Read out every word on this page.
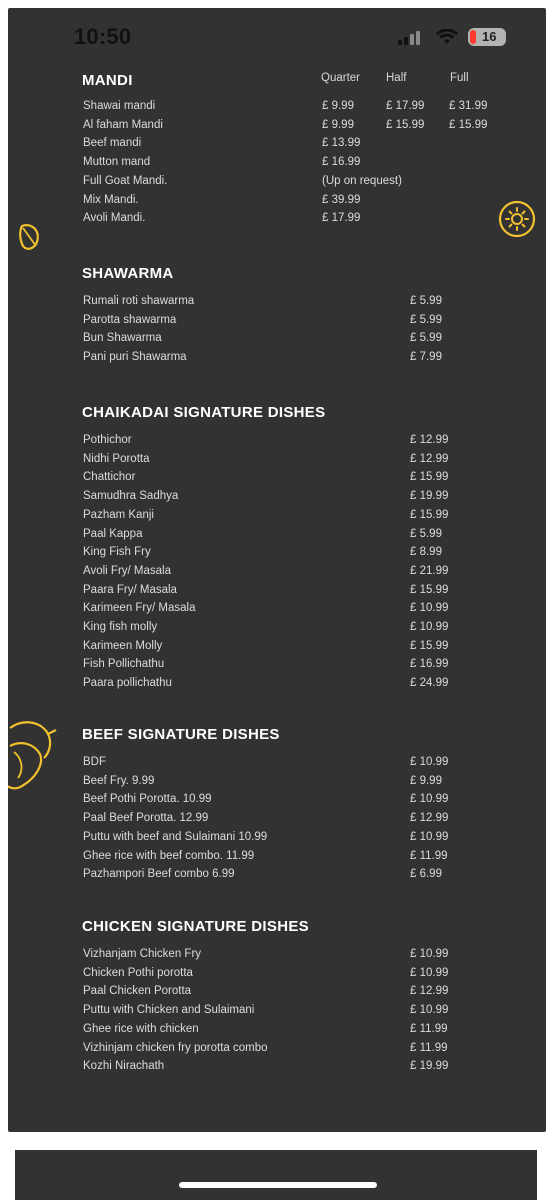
10:50	16
MANDI	Quarter Half	Full
Shawai mandi	£ 9.99	£ 17.99 £ 31.99
Al faham Mandi	£ 9.99	£ 15.99 £ 15.99
Beef mandi	£ 13.99
Mutton mand	£ 16.99
Full Goat Mandi.	(Up on request)
Mix Mandi.	£ 39.99
Avoli Mandi.	£ 17.99
SHAWARMA
Rumali roti shawarma	£ 5.99
Parotta shawarma	£ 5.99
Bun Shawarma	£ 5.99
Pani puri Shawarma	£ 7.99
CHAIKADAI SIGNATURE DISHES
Pothichor	£ 12.99
Nidhi Porotta	£ 12.99
Chattichor	£ 15.99
Samudhra Sadhya	£ 19.99
Pazham Kanji	£ 15.99
Paal Kappa	£ 5.99
King Fish Fry	£ 8.99
Avoli Fry/ Masala	£ 21.99
Paara Fry/ Masala	£ 15.99
Karimeen Fry/ Masala	£ 10.99
King fish molly	£ 10.99
Karimeen Molly	£ 15.99
Fish Pollichathu	£ 16.99
Paara pollichathu	£ 24.99
BEEF SIGNATURE DISHES
BDF	£ 10.99
Beef Fry. 9.99	£ 9.99
Beef Pothi Porotta. 10.99	£ 10.99
Paal Beef Porotta. 12.99	£ 12.99
Puttu with beef and Sulaimani 10.99	£ 10.99
Ghee rice with beef combo. 11.99	£ 11.99
Pazhampori Beef combo 6.99	£ 6.99
CHICKEN SIGNATURE DISHES
Vizhanjam Chicken Fry	£ 10.99
Chicken Pothi porotta	£ 10.99
Paal Chicken Porotta	£ 12.99
Puttu with Chicken and Sulaimani	£ 10.99
Ghee rice with chicken	£ 11.99
Vizhinjam chicken fry porotta combo	£ 11.99
Kozhi Nirachath	£ 19.99
